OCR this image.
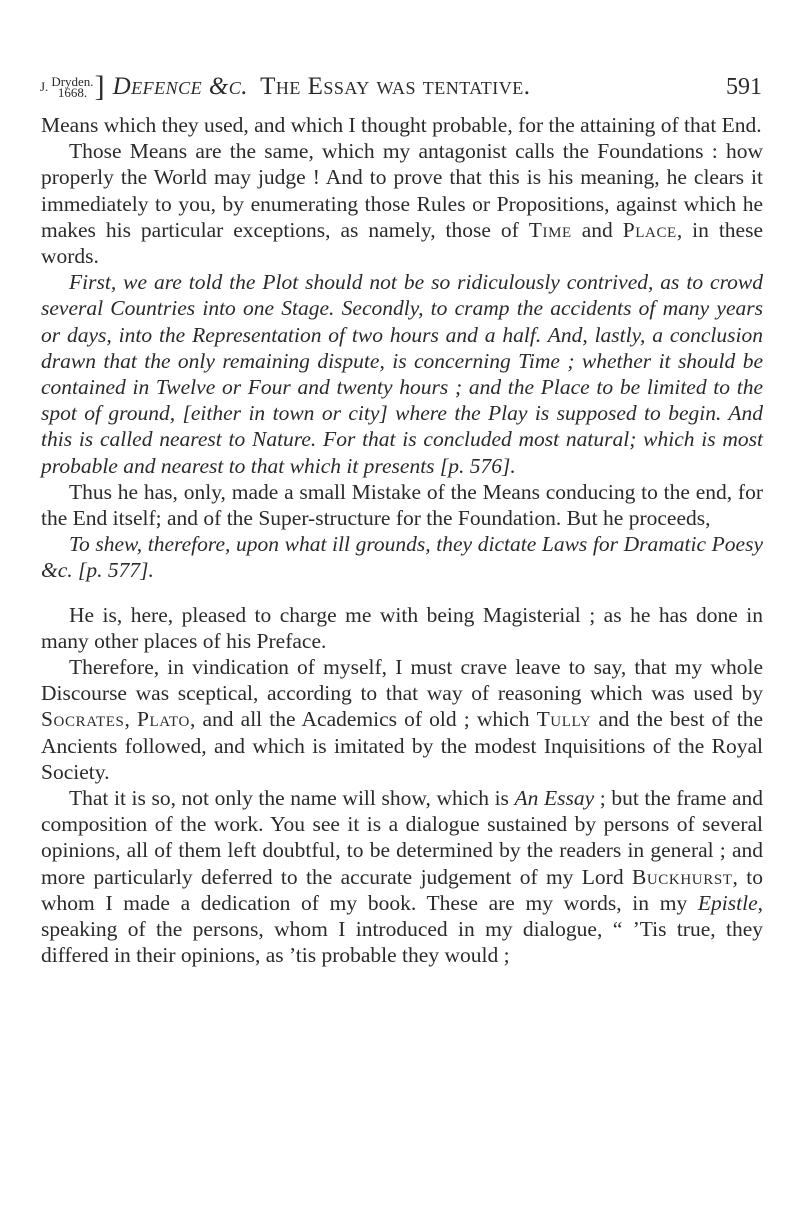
J. Dryden.
1668. ] Defence &c. The Essay was tentative.	591

Means which they used, and which I thought probable, for the attaining of that End.

Those Means are the same, which my antagonist calls the Foundations : how properly the World may judge ! And to prove that this is his meaning, he clears it immediately to you, by enumerating those Rules or Propositions, against which he makes his particular exceptions, as namely, those of Time and Place, in these words.

First, we are told the Plot should not be so ridiculously contrived, as to crowd several Countries into one Stage. Secondly, to cramp the accidents of many years or days, into the Representation of two hours and a half. And, lastly, a conclusion drawn that the only remaining dispute, is concerning Time ; whether it should be contained in Twelve or Four and twenty hours ; and the Place to be limited to the spot of ground, [either in town or city] where the Play is supposed to begin. And this is called nearest to Nature. For that is concluded most natural; which is most probable and nearest to that which it presents [p. 576].

Thus he has, only, made a small Mistake of the Means conducing to the end, for the End itself; and of the Super-structure for the Foundation. But he proceeds,

To shew, therefore, upon what ill grounds, they dictate Laws for Dramatic Poesy &c. [p. 577].

He is, here, pleased to charge me with being Magisterial ; as he has done in many other places of his Preface.

Therefore, in vindication of myself, I must crave leave to say, that my whole Discourse was sceptical, according to that way of reasoning which was used by Socrates, Plato, and all the Academics of old ; which Tully and the best of the Ancients followed, and which is imitated by the modest Inquisitions of the Royal Society.

That it is so, not only the name will show, which is An Essay ; but the frame and composition of the work. You see it is a dialogue sustained by persons of several opinions, all of them left doubtful, to be determined by the readers in general ; and more particularly deferred to the accurate judgement of my Lord Buckhurst, to whom I made a dedication of my book. These are my words, in my Epistle, speaking of the persons, whom I introduced in my dialogue, “ ’Tis true, they differed in their opinions, as ’tis probable they would ;
